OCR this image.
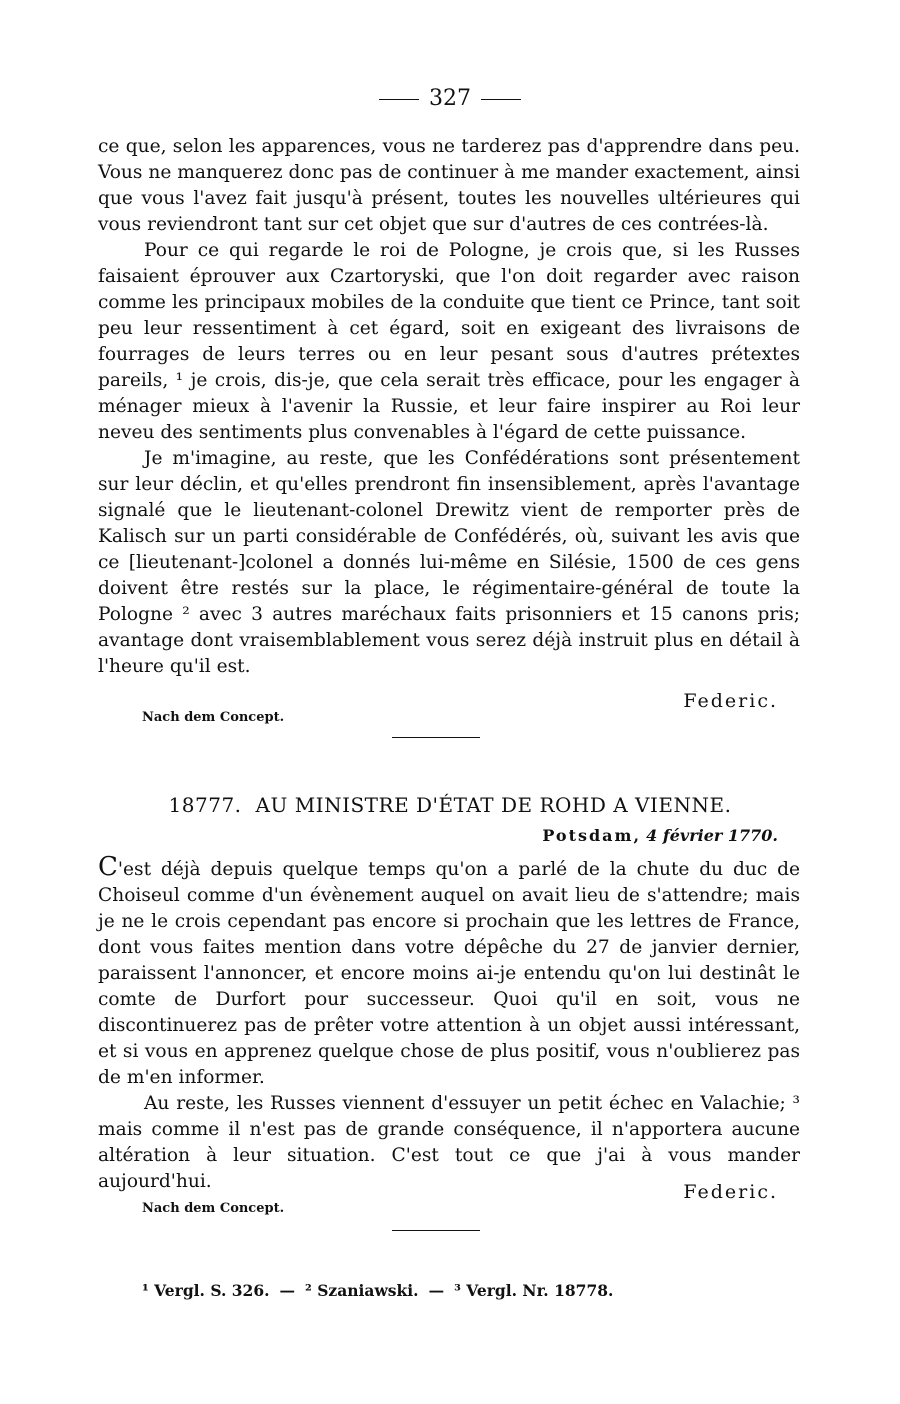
327

ce que, selon les apparences, vous ne tarderez pas d'apprendre dans peu. Vous ne manquerez donc pas de continuer à me mander exactement, ainsi que vous l'avez fait jusqu'à présent, toutes les nouvelles ultérieures qui vous reviendront tant sur cet objet que sur d'autres de ces contrées-là.

Pour ce qui regarde le roi de Pologne, je crois que, si les Russes faisaient éprouver aux Czartoryski, que l'on doit regarder avec raison comme les principaux mobiles de la conduite que tient ce Prince, tant soit peu leur ressentiment à cet égard, soit en exigeant des livraisons de fourrages de leurs terres ou en leur pesant sous d'autres prétextes pareils, ¹ je crois, dis-je, que cela serait très efficace, pour les engager à ménager mieux à l'avenir la Russie, et leur faire inspirer au Roi leur neveu des sentiments plus convenables à l'égard de cette puissance.

Je m'imagine, au reste, que les Confédérations sont présentement sur leur déclin, et qu'elles prendront fin insensiblement, après l'avantage signalé que le lieutenant-colonel Drewitz vient de remporter près de Kalisch sur un parti considérable de Confédérés, où, suivant les avis que ce [lieutenant-]colonel a donnés lui-même en Silésie, 1500 de ces gens doivent être restés sur la place, le régimentaire-général de toute la Pologne ² avec 3 autres maréchaux faits prisonniers et 15 canons pris; avantage dont vraisemblablement vous serez déjà instruit plus en détail à l'heure qu'il est.

Federic.
Nach dem Concept.
18777. AU MINISTRE D'ÉTAT DE ROHD A VIENNE.
Potsdam, 4 février 1770.

C'est déjà depuis quelque temps qu'on a parlé de la chute du duc de Choiseul comme d'un évènement auquel on avait lieu de s'attendre; mais je ne le crois cependant pas encore si prochain que les lettres de France, dont vous faites mention dans votre dépêche du 27 de janvier dernier, paraissent l'annoncer, et encore moins ai-je entendu qu'on lui destinât le comte de Durfort pour successeur. Quoi qu'il en soit, vous ne discontinuerez pas de prêter votre attention à un objet aussi intéressant, et si vous en apprenez quelque chose de plus positif, vous n'oublierez pas de m'en informer.

Au reste, les Russes viennent d'essuyer un petit échec en Valachie; ³ mais comme il n'est pas de grande conséquence, il n'apportera aucune altération à leur situation. C'est tout ce que j'ai à vous mander aujourd'hui.	Federic.
Nach dem Concept.
¹ Vergl. S. 326. — ² Szaniawski. — ³ Vergl. Nr. 18778.
